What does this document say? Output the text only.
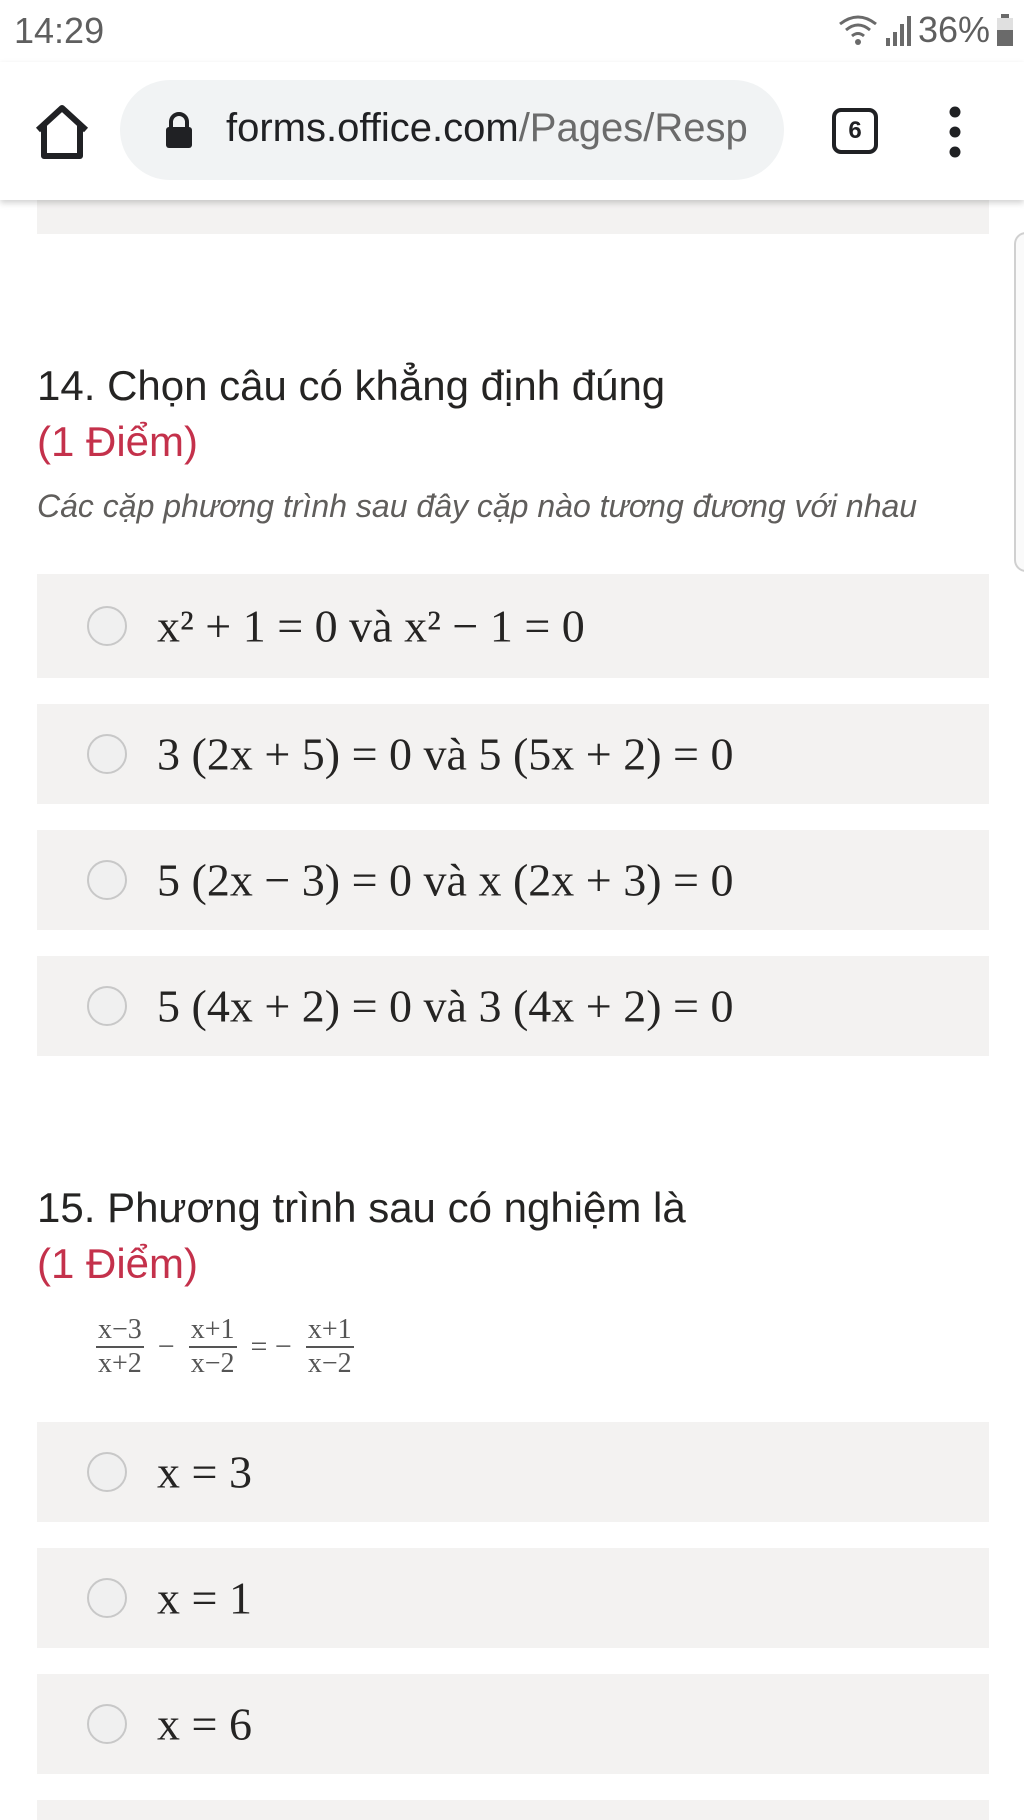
14. Chọn câu có khẳng định đúng
(1 Điểm)
Các cặp phương trình sau đây cặp nào tương đương với nhau
x² + 1 = 0 và x² − 1 = 0
3 (2x + 5) = 0 và 5 (5x + 2) = 0
5 (2x − 3) = 0 và x (2x + 3) = 0
5 (4x + 2) = 0 và 3 (4x + 2) = 0
15. Phương trình sau có nghiệm là
(1 Điểm)
$\frac{x-3}{x+2} - \frac{x+1}{x-2}$ = − $\frac{x+1}{x-2}$
x = 3
x = 1
x = 6
14:29	36%
forms.office.com/Pages/Resp	6
